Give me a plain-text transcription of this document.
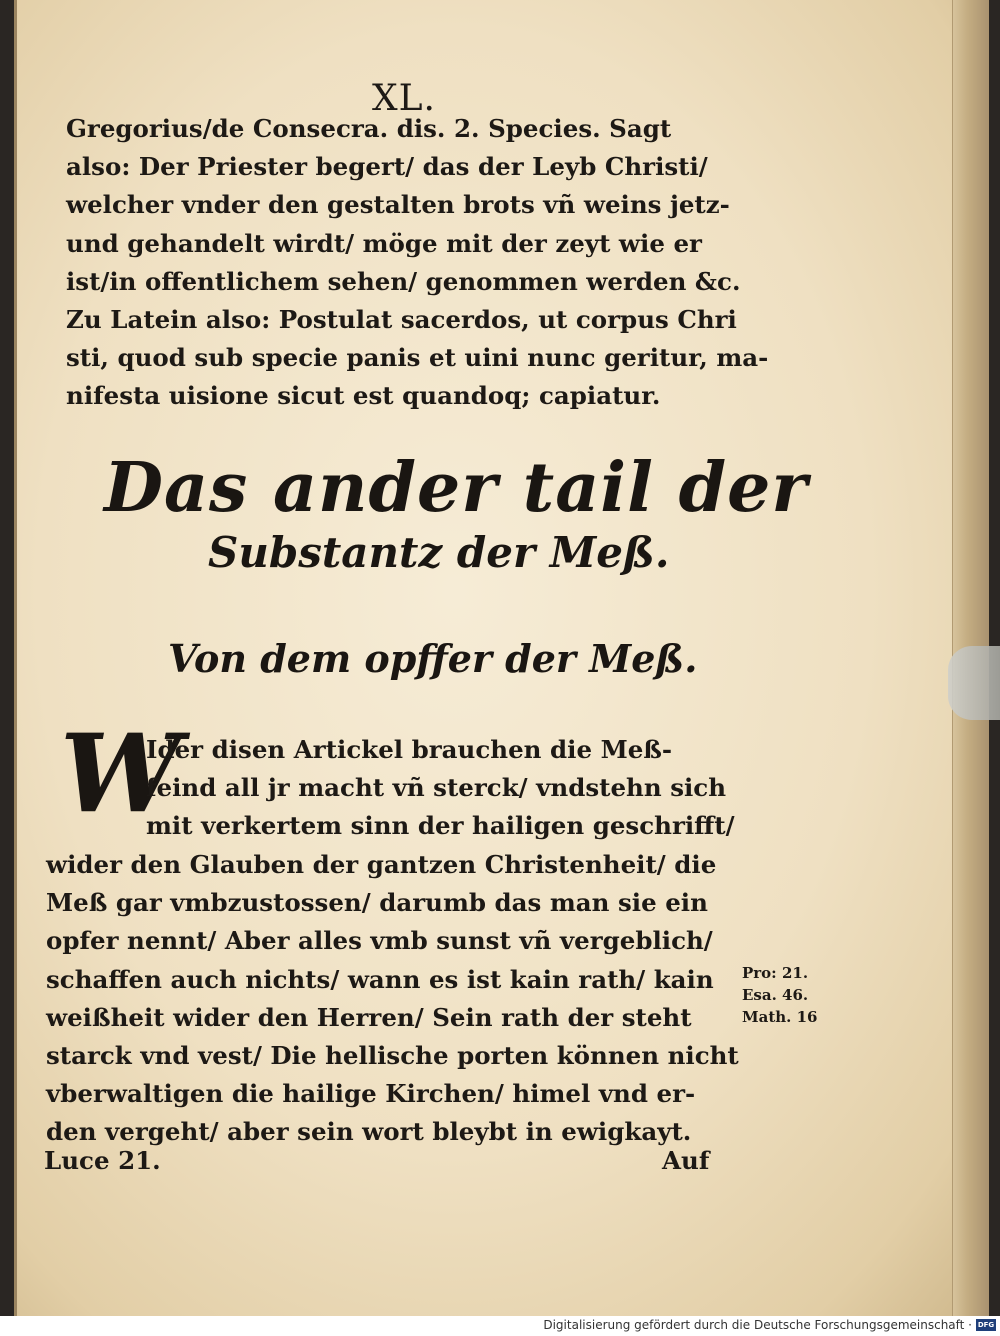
XL.
Gregorius/de Consecra. dis. 2. Species. Sagt
also: Der Priester begert/ das der Leyb Christi/
welcher vnder den gestalten brots vñ weins jetz-
und gehandelt wirdt/ möge mit der zeyt wie er
ist/in offentlichem sehen/ genommen werden &c.
Zu Latein also: Postulat sacerdos, ut corpus Chri
sti, quod sub specie panis et uini nunc geritur, ma-
nifesta uisione sicut est quandoq; capiatur.
Das ander tail der
Substantz der Meß.
Von dem opffer der Meß.
W
Ider disen Artickel brauchen die Meß-
feind all jr macht vñ sterck/ vndstehn sich
mit verkertem sinn der hailigen geschrifft/
wider den Glauben der gantzen Christenheit/ die
Meß gar vmbzustossen/ darumb das man sie ein
opfer nennt/ Aber alles vmb sunst vñ vergeblich/
schaffen auch nichts/ wann es ist kain rath/ kain
weißheit wider den Herren/ Sein rath der steht
starck vnd vest/ Die hellische porten können nicht
vberwaltigen die hailige Kirchen/ himel vnd er-
den vergeht/ aber sein wort bleybt in ewigkayt.
Luce 21.	Auf
Pro: 21.
Esa. 46.
Math. 16
Digitalisierung gefördert durch die Deutsche Forschungsgemeinschaft · DFG
